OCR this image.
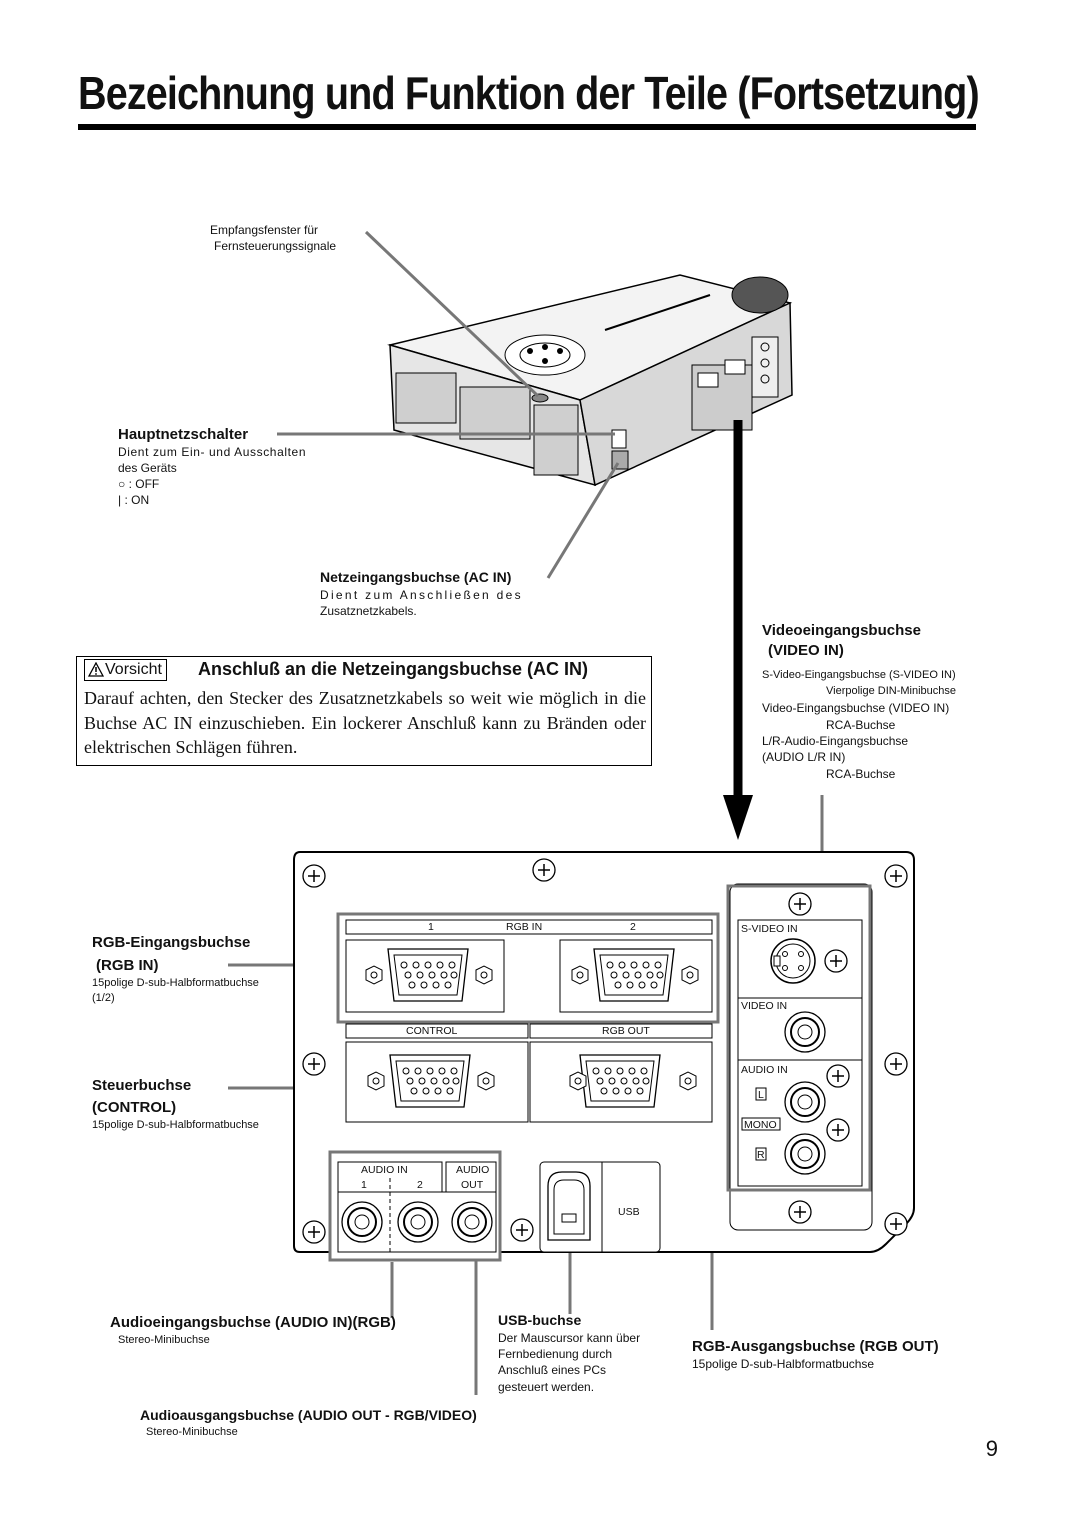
Bezeichnung und Funktion der Teile (Fortsetzung)
Empfangsfenster für
Fernsteuerungssignale
Hauptnetzschalter
Dient zum Ein- und Ausschalten
des Geräts
○ : OFF
| : ON
Netzeingangsbuchse (AC IN)
Dient zum Anschließen des
Zusatznetzkabels.
Videoeingangsbuchse
(VIDEO IN)
S-Video-Eingangsbuchse (S-VIDEO IN)
Vierpolige DIN-Minibuchse
Video-Eingangsbuchse (VIDEO IN)
RCA-Buchse
L/R-Audio-Eingangsbuchse
(AUDIO L/R IN)
RCA-Buchse
Vorsicht Anschluß an die Netzeingangsbuchse (AC IN)
Darauf achten, den Stecker des Zusatznetzkabels so weit wie möglich in die Buchse AC IN einzuschieben. Ein lockerer Anschluß kann zu Bränden oder elektrischen Schlägen führen.
1	RGB IN	2
CONTROL	RGB OUT
S-VIDEO IN
VIDEO IN
AUDIO IN
L
MONO
R
AUDIO IN
1	2
AUDIO
OUT
USB
RGB-Eingangsbuchse
(RGB IN)
15polige D-sub-Halbformatbuchse
(1/2)
Steuerbuchse
(CONTROL)
15polige D-sub-Halbformatbuchse
Audioeingangsbuchse (AUDIO IN)(RGB)
Stereo-Minibuchse
USB-buchse
Der Mauscursor kann über
Fernbedienung durch
Anschluß eines PCs
gesteuert werden.
RGB-Ausgangsbuchse (RGB OUT)
15polige D-sub-Halbformatbuchse
Audioausgangsbuchse (AUDIO OUT - RGB/VIDEO)
Stereo-Minibuchse
9
